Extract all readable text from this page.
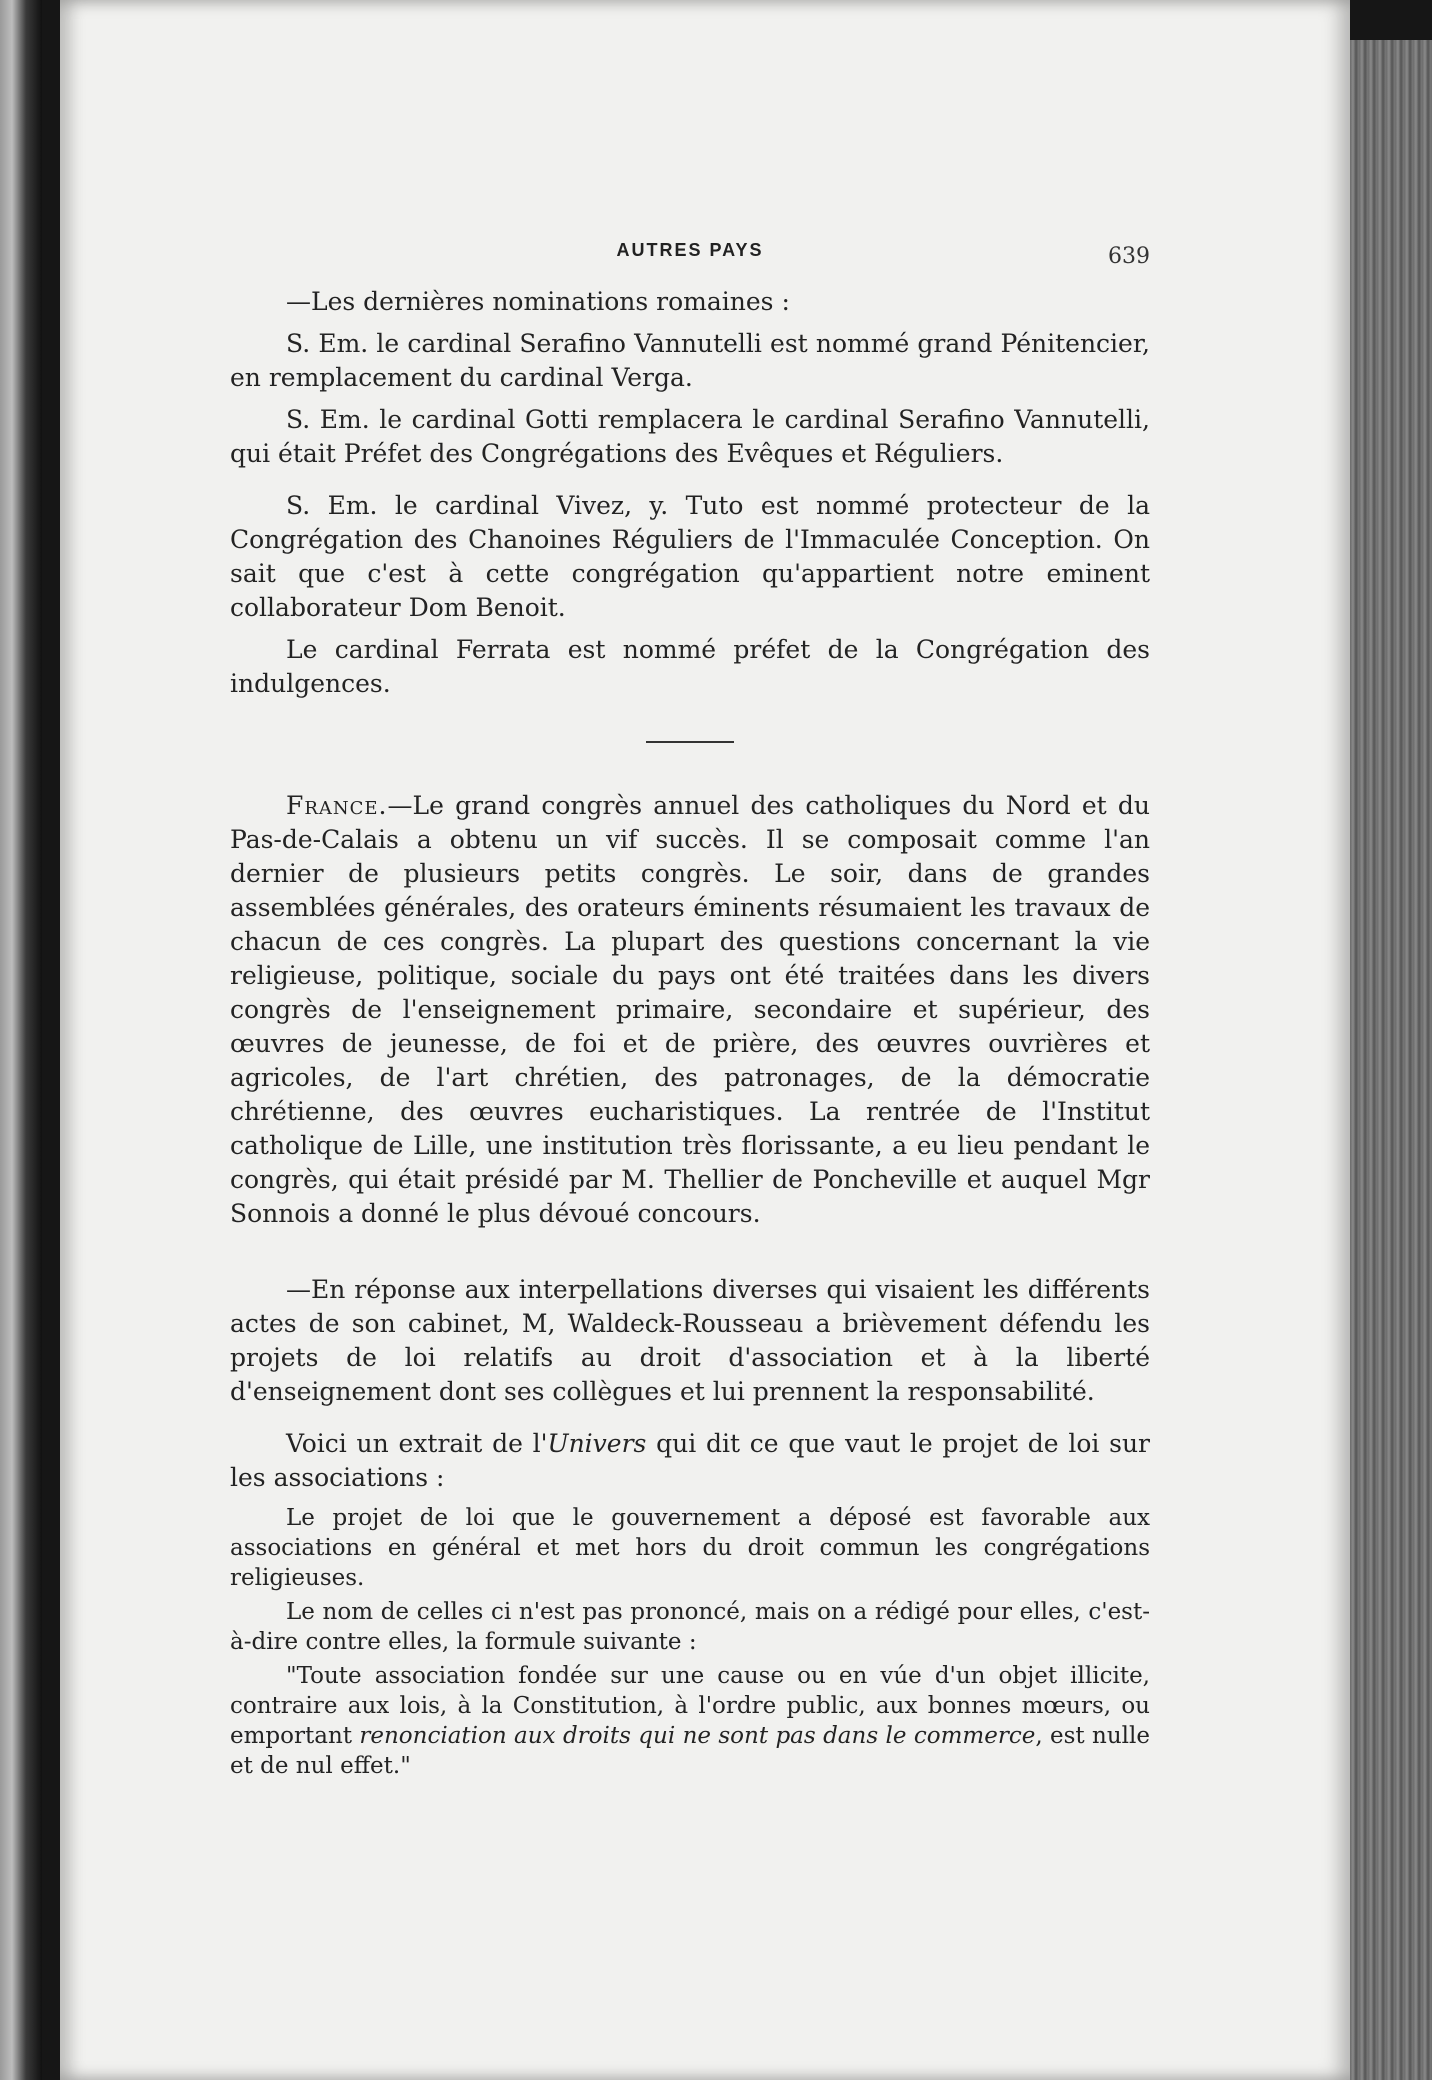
AUTRES PAYS	639

—Les dernières nominations romaines :

S. Em. le cardinal Serafino Vannutelli est nommé grand Pénitencier, en remplacement du cardinal Verga.

S. Em. le cardinal Gotti remplacera le cardinal Serafino Vannutelli, qui était Préfet des Congrégations des Evêques et Réguliers.

S. Em. le cardinal Vivez, y. Tuto est nommé protecteur de la Congrégation des Chanoines Réguliers de l'Immaculée Conception. On sait que c'est à cette congrégation qu'appartient notre eminent collaborateur Dom Benoit.

Le cardinal Ferrata est nommé préfet de la Congrégation des indulgences.

France.—Le grand congrès annuel des catholiques du Nord et du Pas-de-Calais a obtenu un vif succès. Il se composait comme l'an dernier de plusieurs petits congrès. Le soir, dans de grandes assemblées générales, des orateurs éminents résumaient les travaux de chacun de ces congrès. La plupart des questions concernant la vie religieuse, politique, sociale du pays ont été traitées dans les divers congrès de l'enseignement primaire, secondaire et supérieur, des œuvres de jeunesse, de foi et de prière, des œuvres ouvrières et agricoles, de l'art chrétien, des patronages, de la démocratie chrétienne, des œuvres eucharistiques. La rentrée de l'Institut catholique de Lille, une institution très florissante, a eu lieu pendant le congrès, qui était présidé par M. Thellier de Poncheville et auquel Mgr Sonnois a donné le plus dévoué concours.

—En réponse aux interpellations diverses qui visaient les différents actes de son cabinet, M, Waldeck-Rousseau a brièvement défendu les projets de loi relatifs au droit d'association et à la liberté d'enseignement dont ses collègues et lui prennent la responsabilité.

Voici un extrait de l'Univers qui dit ce que vaut le projet de loi sur les associations :

Le projet de loi que le gouvernement a déposé est favorable aux associations en général et met hors du droit commun les congrégations religieuses.

Le nom de celles ci n'est pas prononcé, mais on a rédigé pour elles, c'est-à-dire contre elles, la formule suivante :

"Toute association fondée sur une cause ou en vúe d'un objet illicite, contraire aux lois, à la Constitution, à l'ordre public, aux bonnes mœurs, ou emportant renonciation aux droits qui ne sont pas dans le commerce, est nulle et de nul effet."
